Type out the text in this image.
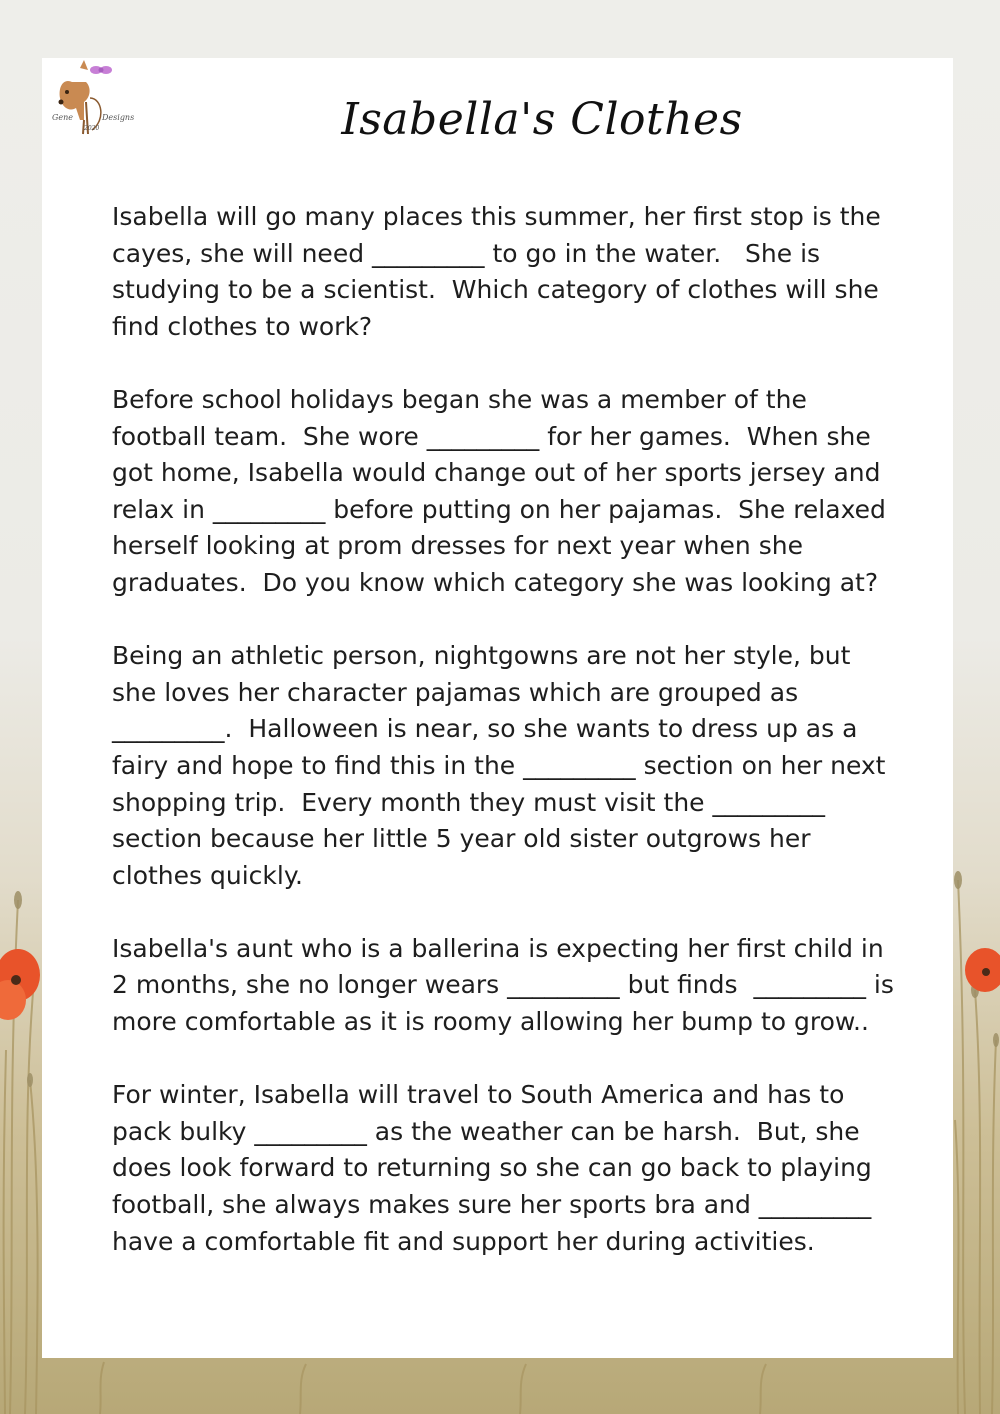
Gene	Designs
2020	Isabella's Clothes

Isabella will go many places this summer, her first stop is the cayes, she will need _________ to go in the water.   She is studying to be a scientist.  Which category of clothes will she find clothes to work?

Before school holidays began she was a member of the football team.  She wore _________ for her games.  When she got home, Isabella would change out of her sports jersey and relax in _________ before putting on her pajamas.  She relaxed herself looking at prom dresses for next year when she graduates.  Do you know which category she was looking at?

Being an athletic person, nightgowns are not her style, but she loves her character pajamas which are grouped as _________.  Halloween is near, so she wants to dress up as a fairy and hope to find this in the _________ section on her next shopping trip.  Every month they must visit the _________ section because her little 5 year old sister outgrows her clothes quickly.

Isabella's aunt who is a ballerina is expecting her first child in 2 months, she no longer wears _________ but finds  _________ is more comfortable as it is roomy allowing her bump to grow..

For winter, Isabella will travel to South America and has to pack bulky _________ as the weather can be harsh.  But, she  does look forward to returning so she can go back to playing football, she always makes sure her sports bra and _________ have a comfortable fit and support her during activities.
